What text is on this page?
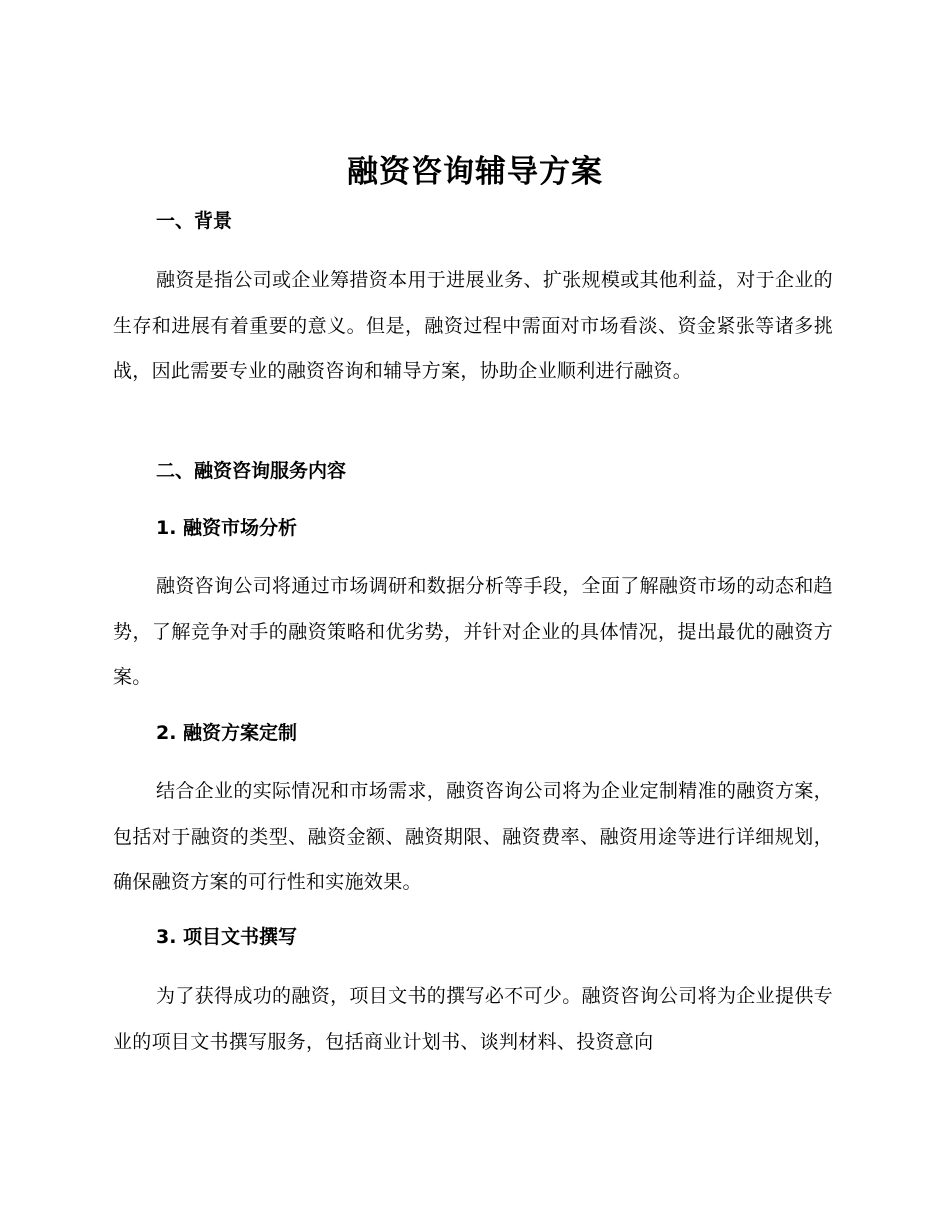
融资咨询辅导方案
一、背景
融资是指公司或企业筹措资本用于进展业务、扩张规模或其他利益，对于企业的生存和进展有着重要的意义。但是，融资过程中需面对市场看淡、资金紧张等诸多挑战，因此需要专业的融资咨询和辅导方案，协助企业顺利进行融资。
二、融资咨询服务内容
1. 融资市场分析
融资咨询公司将通过市场调研和数据分析等手段，全面了解融资市场的动态和趋势，了解竞争对手的融资策略和优劣势，并针对企业的具体情况，提出最优的融资方案。
2. 融资方案定制
结合企业的实际情况和市场需求，融资咨询公司将为企业定制精准的融资方案，包括对于融资的类型、融资金额、融资期限、融资费率、融资用途等进行详细规划，确保融资方案的可行性和实施效果。
3. 项目文书撰写
为了获得成功的融资，项目文书的撰写必不可少。融资咨询公司将为企业提供专业的项目文书撰写服务，包括商业计划书、谈判材料、投资意向
